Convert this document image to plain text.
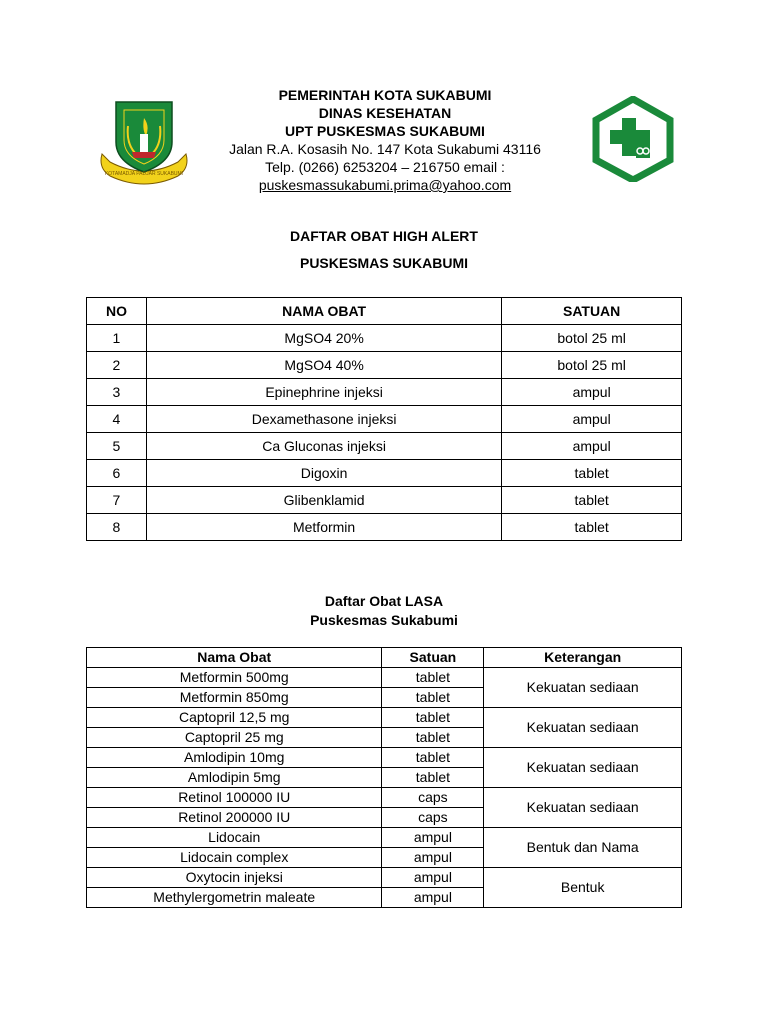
KOTAMADJA PADJAR SUKABUMI
PEMERINTAH KOTA SUKABUMI
DINAS KESEHATAN
UPT PUSKESMAS SUKABUMI
Jalan R.A. Kosasih No. 147 Kota Sukabumi 43116
Telp. (0266) 6253204 – 216750 email :
puskesmassukabumi.prima@yahoo.com
DAFTAR OBAT HIGH ALERT
PUSKESMAS SUKABUMI
NO	NAMA OBAT	SATUAN
1	MgSO4 20%	botol 25 ml
2	MgSO4 40%	botol 25 ml
3	Epinephrine injeksi	ampul
4	Dexamethasone injeksi	ampul
5	Ca Gluconas injeksi	ampul
6	Digoxin	tablet
7	Glibenklamid	tablet
8	Metformin	tablet
Daftar Obat LASA
Puskesmas Sukabumi
Nama Obat	Satuan	Keterangan
Metformin 500mg	tablet	Kekuatan sediaan
Metformin 850mg	tablet	
Captopril 12,5 mg	tablet	Kekuatan sediaan
Captopril 25 mg	tablet	
Amlodipin 10mg	tablet	Kekuatan sediaan
Amlodipin 5mg	tablet	
Retinol 100000 IU	caps	Kekuatan sediaan
Retinol 200000 IU	caps	
Lidocain	ampul	Bentuk dan Nama
Lidocain complex	ampul	
Oxytocin injeksi	ampul	Bentuk
Methylergometrin maleate	ampul	
